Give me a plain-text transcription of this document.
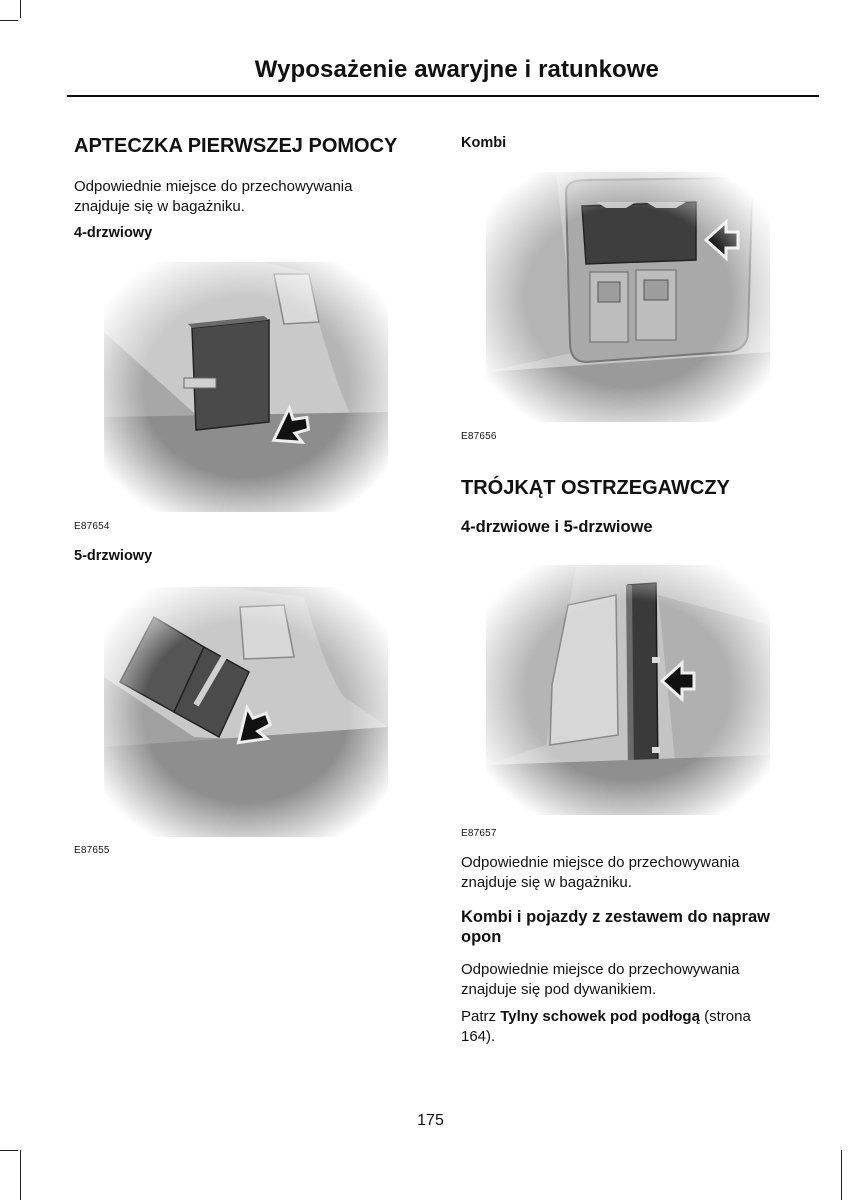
Wyposażenie awaryjne i ratunkowe
APTECZKA PIERWSZEJ POMOCY
Odpowiednie miejsce do przechowywania
znajduje się w bagażniku.
4-drzwiowy
E87654
5-drzwiowy
E87655
Kombi
E87656
TRÓJKĄT OSTRZEGAWCZY
4-drzwiowe i 5-drzwiowe
E87657
Odpowiednie miejsce do przechowywania
znajduje się w bagażniku.
Kombi i pojazdy z zestawem do napraw
opon
Odpowiednie miejsce do przechowywania
znajduje się pod dywanikiem.
Patrz Tylny schowek pod podłogą (strona
164).
175
